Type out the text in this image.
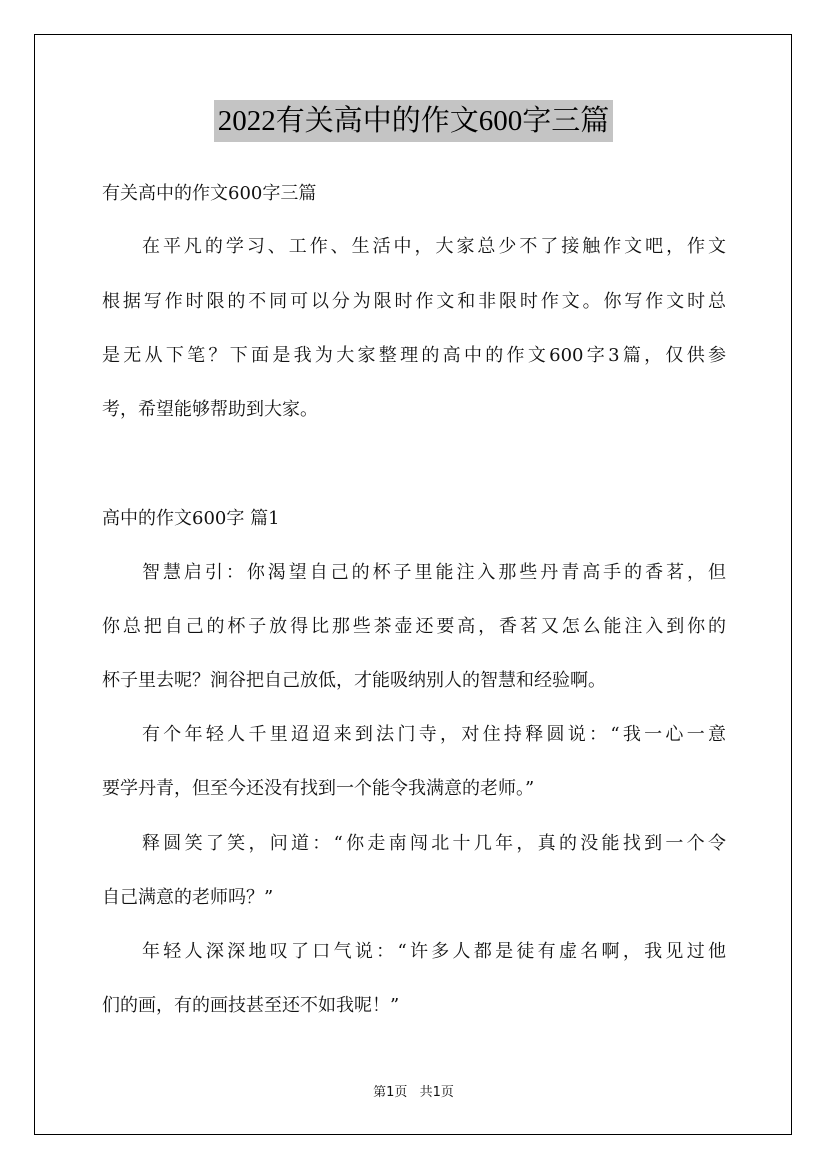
2022有关高中的作文600字三篇

有关高中的作文600字三篇

在平凡的学习、工作、生活中，大家总少不了接触作文吧，作文

根据写作时限的不同可以分为限时作文和非限时作文。你写作文时总

是无从下笔？下面是我为大家整理的高中的作文600字3篇，仅供参

考，希望能够帮助到大家。

高中的作文600字 篇1

智慧启引：你渴望自己的杯子里能注入那些丹青高手的香茗，但

你总把自己的杯子放得比那些茶壶还要高，香茗又怎么能注入到你的

杯子里去呢？涧谷把自己放低，才能吸纳别人的智慧和经验啊。

有个年轻人千里迢迢来到法门寺，对住持释圆说：“我一心一意

要学丹青，但至今还没有找到一个能令我满意的老师。”

释圆笑了笑，问道：“你走南闯北十几年，真的没能找到一个令

自己满意的老师吗？”

年轻人深深地叹了口气说：“许多人都是徒有虚名啊，我见过他

们的画，有的画技甚至还不如我呢！”

第1页 共1页
